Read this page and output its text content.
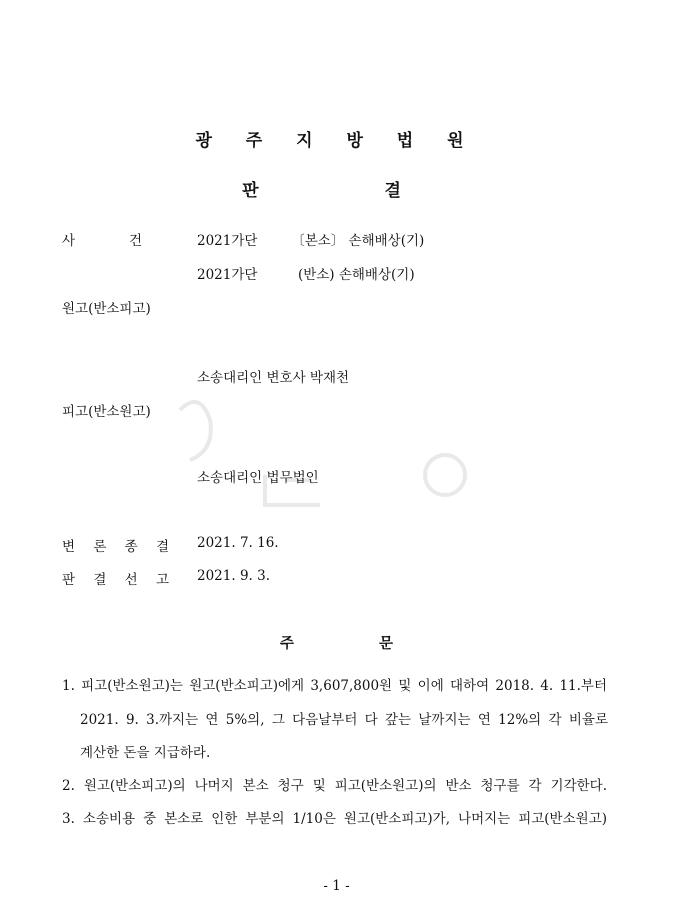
광 주 지 방 법 원
판 결
사	건	2021가단　　　〔본소〕 손해배상(기)
2021가단　　　(반소) 손해배상(기)
원고(반소피고)
소송대리인 변호사 박재천
피고(반소원고)
소송대리인 법무법인
변 론 종 결 2021. 7. 16.
판 결 선 고 2021. 9. 3.
주 문
1. 피고(반소원고)는 원고(반소피고)에게 3,607,800원 및 이에 대하여 2018. 4. 11.부터
2021. 9. 3.까지는 연 5%의, 그 다음날부터 다 갚는 날까지는 연 12%의 각 비율로
계산한 돈을 지급하라.
2. 원고(반소피고)의 나머지 본소 청구 및 피고(반소원고)의 반소 청구를 각 기각한다.
3. 소송비용 중 본소로 인한 부분의 1/10은 원고(반소피고)가, 나머지는 피고(반소원고)
- 1 -
